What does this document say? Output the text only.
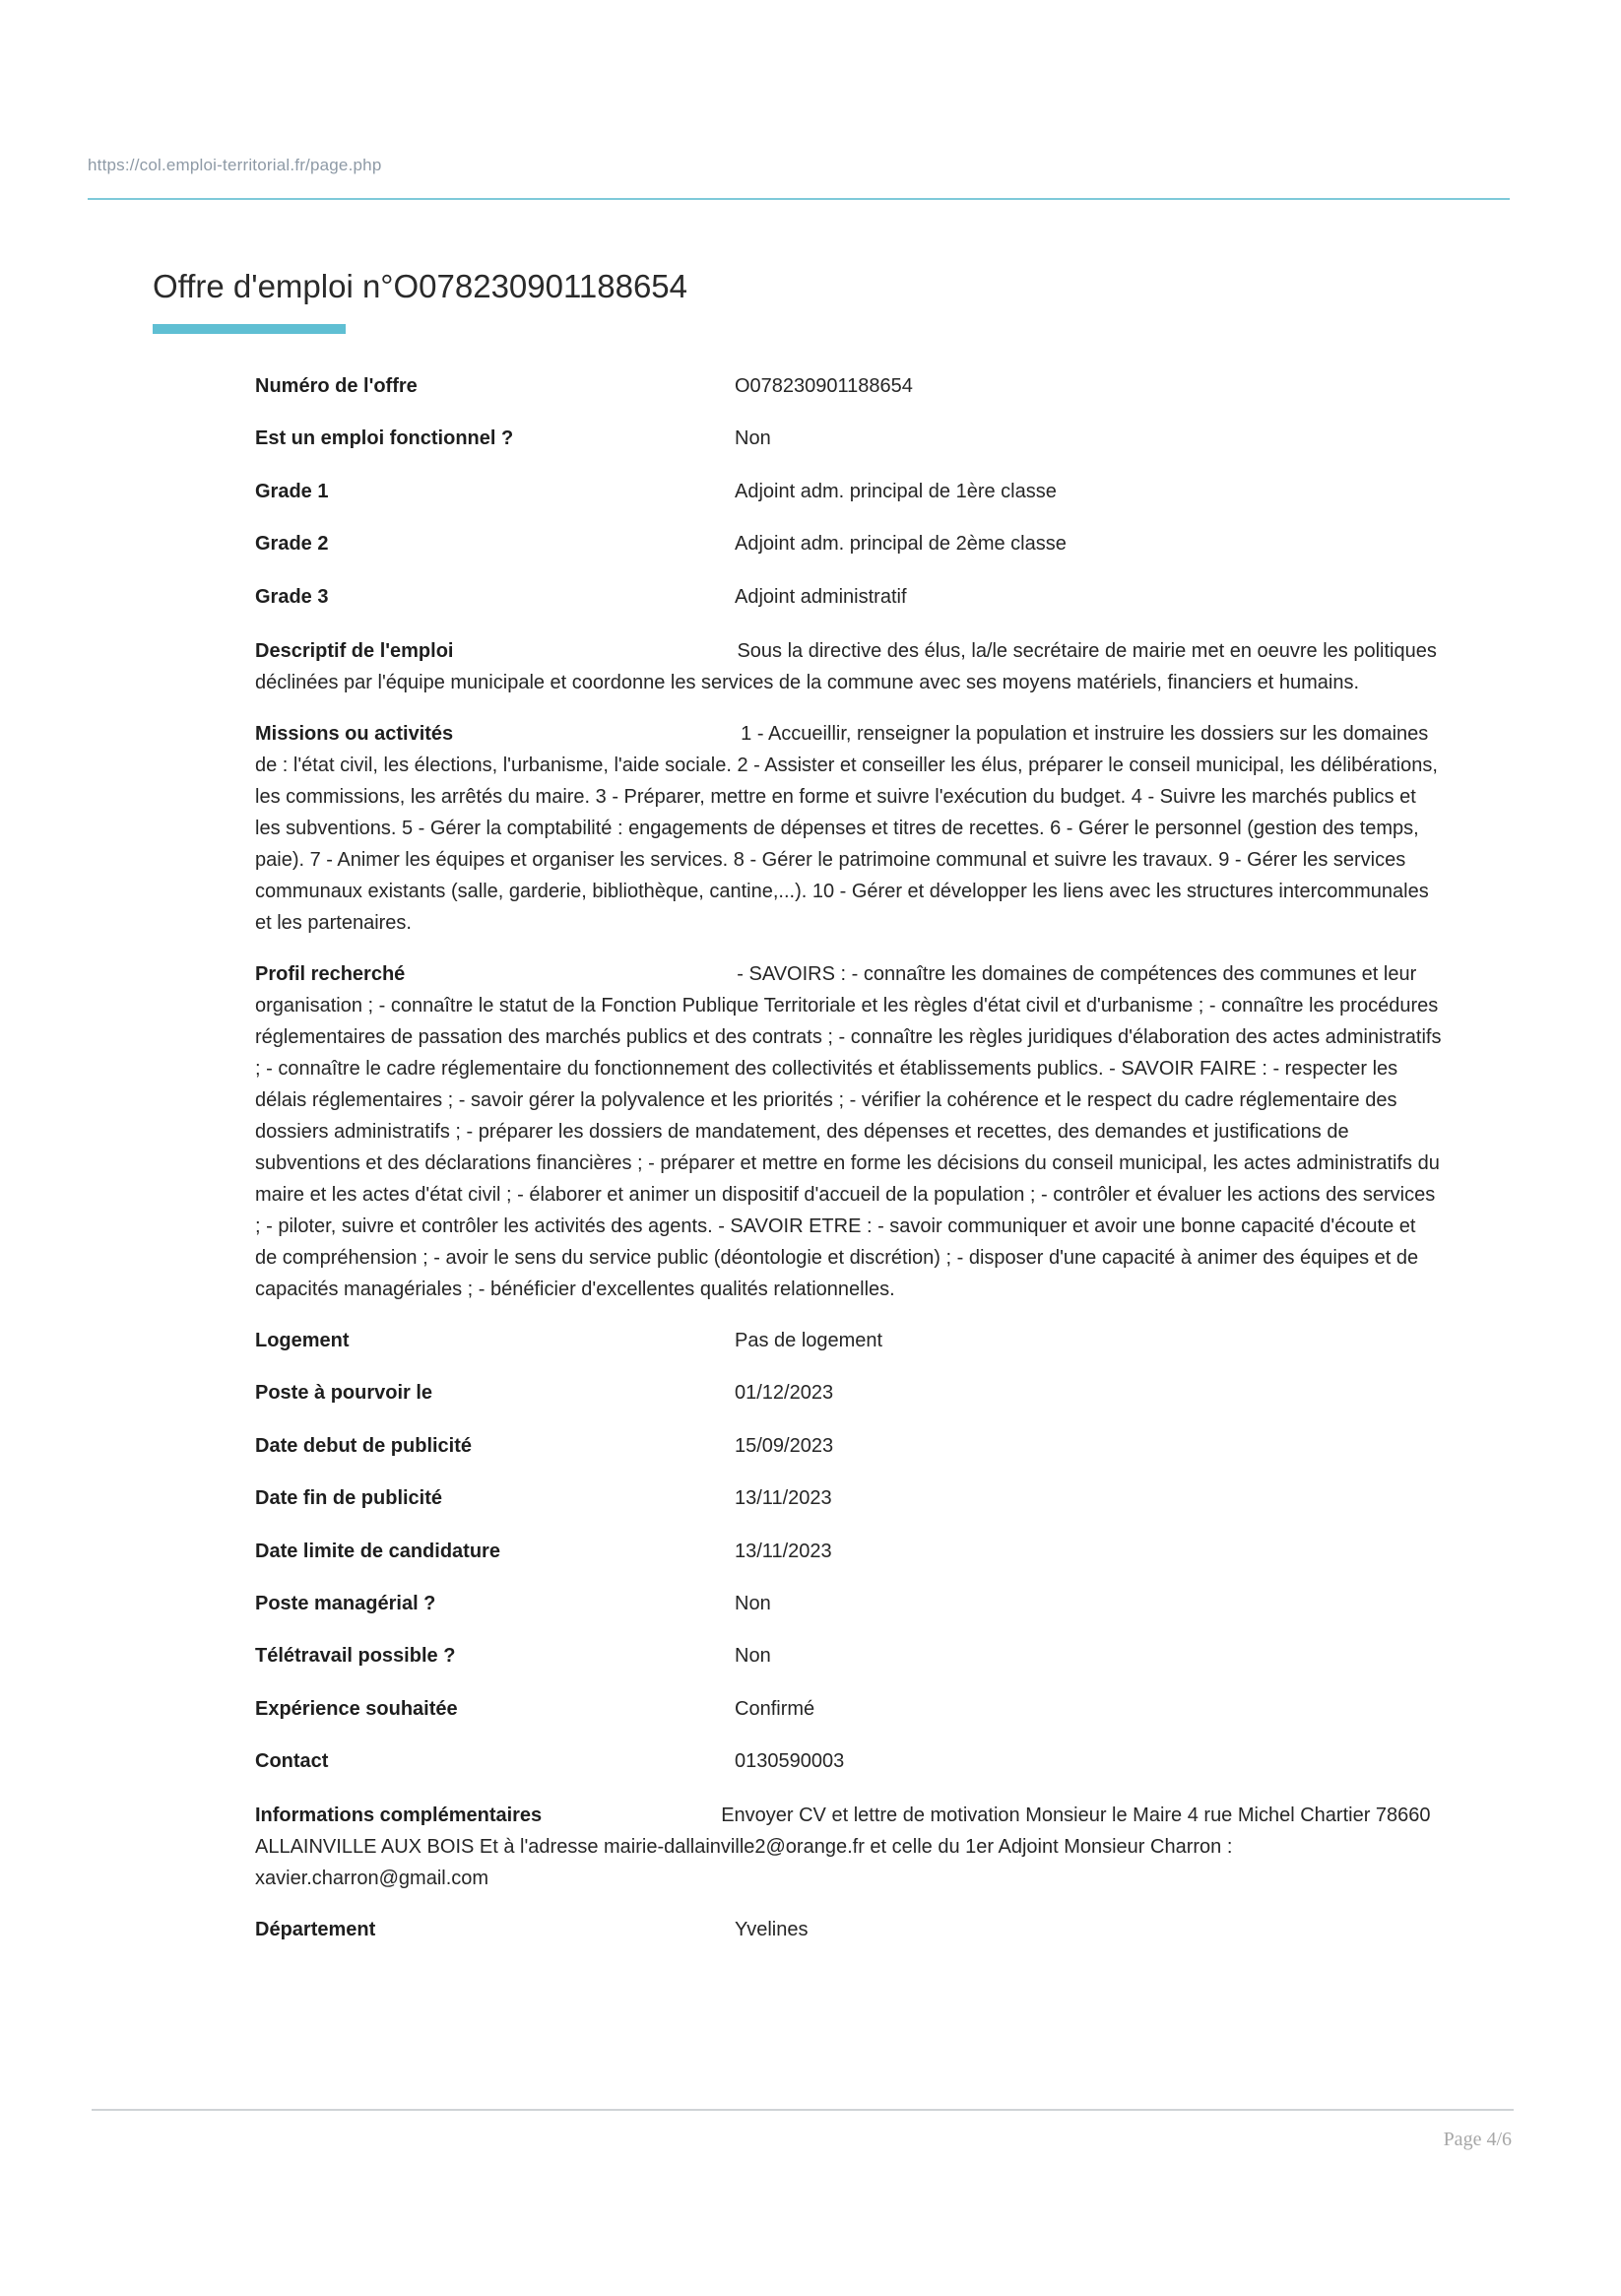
https://col.emploi-territorial.fr/page.php
Offre d'emploi n°O078230901188654
Numéro de l'offre	O078230901188654
Est un emploi fonctionnel ?	Non
Grade 1	Adjoint adm. principal de 1ère classe
Grade 2	Adjoint adm. principal de 2ème classe
Grade 3	Adjoint administratif
Descriptif de l'emploi	Sous la directive des élus, la/le secrétaire de mairie met en oeuvre les politiques déclinées par l'équipe municipale et coordonne les services de la commune avec ses moyens matériels, financiers et humains.
Missions ou activités	1 - Accueillir, renseigner la population et instruire les dossiers sur les domaines de : l'état civil, les élections, l'urbanisme, l'aide sociale. 2 - Assister et conseiller les élus, préparer le conseil municipal, les délibérations, les commissions, les arrêtés du maire. 3 - Préparer, mettre en forme et suivre l'exécution du budget. 4 - Suivre les marchés publics et les subventions. 5 - Gérer la comptabilité : engagements de dépenses et titres de recettes. 6 - Gérer le personnel (gestion des temps, paie). 7 - Animer les équipes et organiser les services. 8 - Gérer le patrimoine communal et suivre les travaux. 9 - Gérer les services communaux existants (salle, garderie, bibliothèque, cantine,...). 10 - Gérer et développer les liens avec les structures intercommunales et les partenaires.
Profil recherché	- SAVOIRS : - connaître les domaines de compétences des communes et leur organisation ; - connaître le statut de la Fonction Publique Territoriale et les règles d'état civil et d'urbanisme ; - connaître les procédures réglementaires de passation des marchés publics et des contrats ; - connaître les règles juridiques d'élaboration des actes administratifs ; - connaître le cadre réglementaire du fonctionnement des collectivités et établissements publics. - SAVOIR FAIRE : - respecter les délais réglementaires ; - savoir gérer la polyvalence et les priorités ; - vérifier la cohérence et le respect du cadre réglementaire des dossiers administratifs ; - préparer les dossiers de mandatement, des dépenses et recettes, des demandes et justifications de subventions et des déclarations financières ; - préparer et mettre en forme les décisions du conseil municipal, les actes administratifs du maire et les actes d'état civil ; - élaborer et animer un dispositif d'accueil de la population ; - contrôler et évaluer les actions des services ; - piloter, suivre et contrôler les activités des agents. - SAVOIR ETRE : - savoir communiquer et avoir une bonne capacité d'écoute et de compréhension ; - avoir le sens du service public (déontologie et discrétion) ; - disposer d'une capacité à animer des équipes et de capacités managériales ; - bénéficier d'excellentes qualités relationnelles.
Logement	Pas de logement
Poste à pourvoir le	01/12/2023
Date debut de publicité	15/09/2023
Date fin de publicité	13/11/2023
Date limite de candidature	13/11/2023
Poste managérial ?	Non
Télétravail possible ?	Non
Expérience souhaitée	Confirmé
Contact	0130590003
Informations complémentaires	Envoyer CV et lettre de motivation Monsieur le Maire 4 rue Michel Chartier 78660 ALLAINVILLE AUX BOIS Et à l'adresse mairie-dallainville2@orange.fr et celle du 1er Adjoint Monsieur Charron : xavier.charron@gmail.com
Département	Yvelines
Page 4/6
